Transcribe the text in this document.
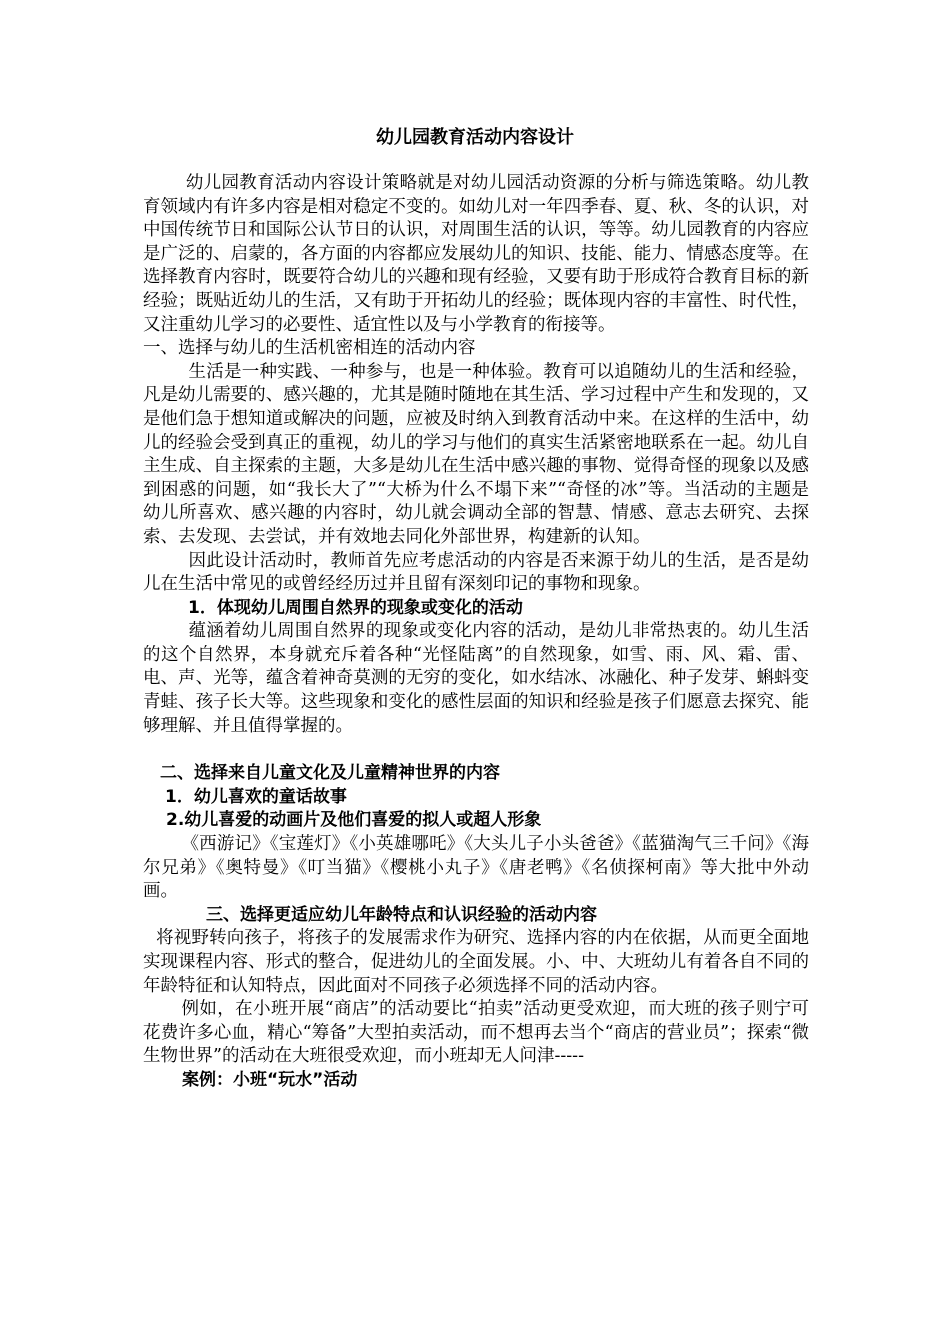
幼儿园教育活动内容设计

幼儿园教育活动内容设计策略就是对幼儿园活动资源的分析与筛选策略。幼儿教育领域内有许多内容是相对稳定不变的。如幼儿对一年四季春、夏、秋、冬的认识，对中国传统节日和国际公认节日的认识，对周围生活的认识，等等。幼儿园教育的内容应是广泛的、启蒙的，各方面的内容都应发展幼儿的知识、技能、能力、情感态度等。在选择教育内容时，既要符合幼儿的兴趣和现有经验，又要有助于形成符合教育目标的新经验；既贴近幼儿的生活，又有助于开拓幼儿的经验；既体现内容的丰富性、时代性，又注重幼儿学习的必要性、适宜性以及与小学教育的衔接等。

一、选择与幼儿的生活机密相连的活动内容

生活是一种实践、一种参与，也是一种体验。教育可以追随幼儿的生活和经验，凡是幼儿需要的、感兴趣的，尤其是随时随地在其生活、学习过程中产生和发现的，又是他们急于想知道或解决的问题，应被及时纳入到教育活动中来。在这样的生活中，幼儿的经验会受到真正的重视，幼儿的学习与他们的真实生活紧密地联系在一起。幼儿自主生成、自主探索的主题，大多是幼儿在生活中感兴趣的事物、觉得奇怪的现象以及感到困惑的问题，如“我长大了”“大桥为什么不塌下来”“奇怪的冰”等。当活动的主题是幼儿所喜欢、感兴趣的内容时，幼儿就会调动全部的智慧、情感、意志去研究、去探索、去发现、去尝试，并有效地去同化外部世界，构建新的认知。

因此设计活动时，教师首先应考虑活动的内容是否来源于幼儿的生活，是否是幼儿在生活中常见的或曾经经历过并且留有深刻印记的事物和现象。

1．体现幼儿周围自然界的现象或变化的活动

蕴涵着幼儿周围自然界的现象或变化内容的活动，是幼儿非常热衷的。幼儿生活的这个自然界，本身就充斥着各种“光怪陆离”的自然现象，如雪、雨、风、霜、雷、电、声、光等，蕴含着神奇莫测的无穷的变化，如水结冰、冰融化、种子发芽、蝌蚪变青蛙、孩子长大等。这些现象和变化的感性层面的知识和经验是孩子们愿意去探究、能够理解、并且值得掌握的。

二、选择来自儿童文化及儿童精神世界的内容

1．幼儿喜欢的童话故事

2.幼儿喜爱的动画片及他们喜爱的拟人或超人形象

《西游记》《宝莲灯》《小英雄哪吒》《大头儿子小头爸爸》《蓝猫淘气三千问》《海尔兄弟》《奥特曼》《叮当猫》《樱桃小丸子》《唐老鸭》《名侦探柯南》等大批中外动画。

三、选择更适应幼儿年龄特点和认识经验的活动内容

将视野转向孩子，将孩子的发展需求作为研究、选择内容的内在依据，从而更全面地实现课程内容、形式的整合，促进幼儿的全面发展。小、中、大班幼儿有着各自不同的年龄特征和认知特点，因此面对不同孩子必须选择不同的活动内容。

例如，在小班开展“商店”的活动要比“拍卖”活动更受欢迎，而大班的孩子则宁可花费许多心血，精心“筹备”大型拍卖活动，而不想再去当个“商店的营业员”；探索“微生物世界”的活动在大班很受欢迎，而小班却无人问津-----

案例：小班“玩水”活动
